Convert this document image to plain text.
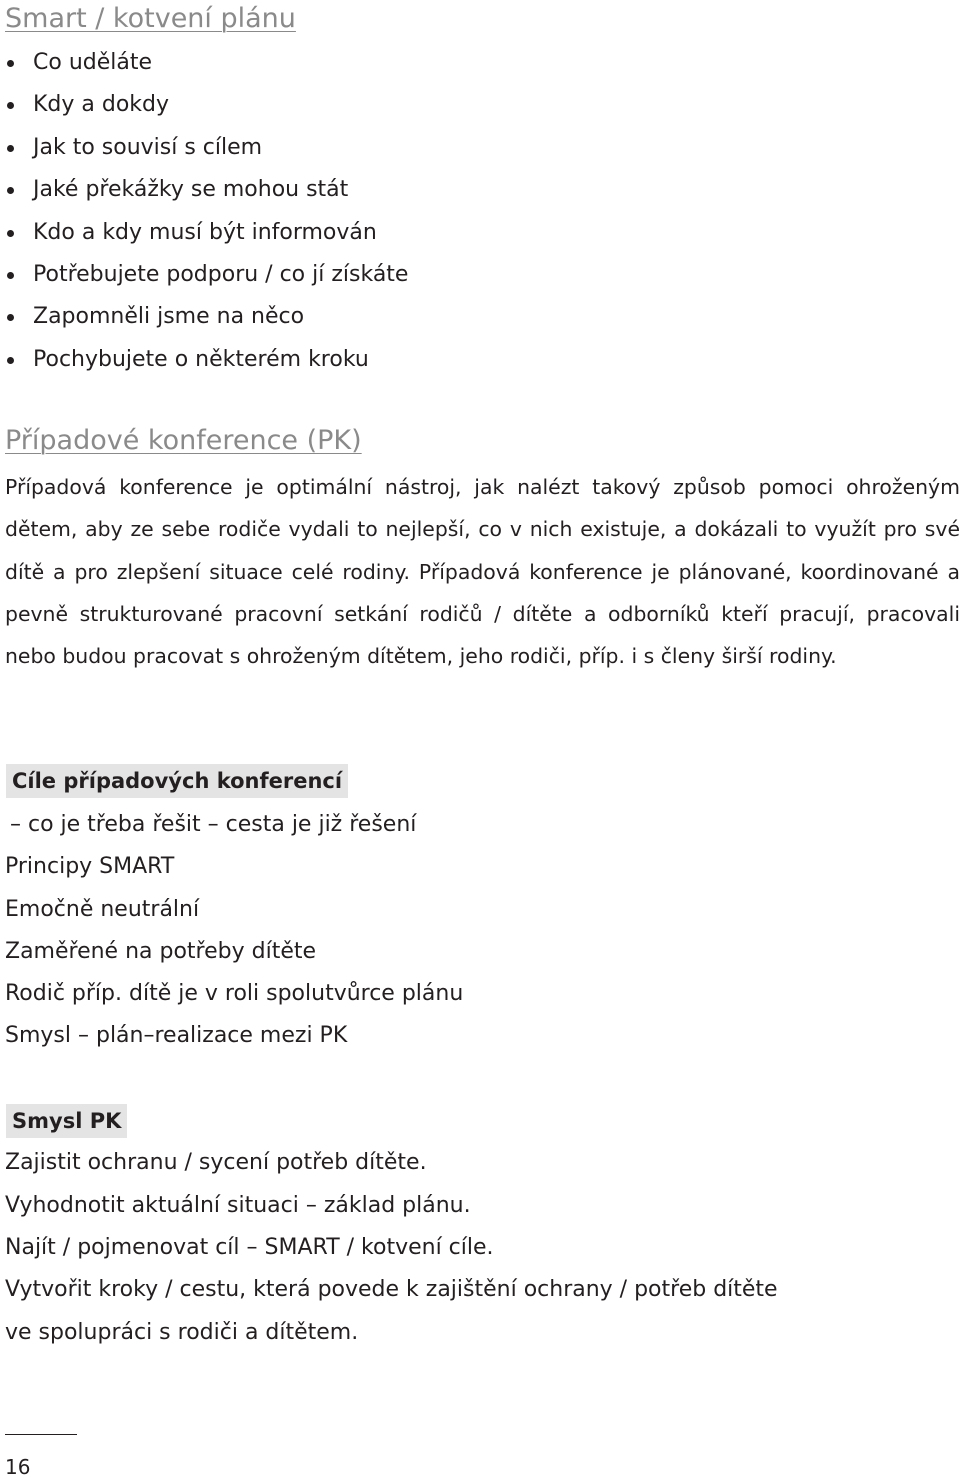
Smart / kotvení plánu
Co uděláte
Kdy a dokdy
Jak to souvisí s cílem
Jaké překážky se mohou stát
Kdo a kdy musí být informován
Potřebujete podporu / co jí získáte
Zapomněli jsme na něco
Pochybujete o některém kroku
Případové konference (PK)

Případová konference je optimální nástroj, jak nalézt takový způsob pomoci ohroženým dětem, aby ze sebe rodiče vydali to nejlepší, co v nich existuje, a dokázali to využít pro své dítě a pro zlepšení situace celé rodiny. Případová konference je plánované, koordinované a pevně strukturované pracovní setkání rodičů / dítěte a odborníků kteří pracují, pracovali nebo budou pracovat s ohroženým dítětem, jeho rodiči, příp. i s členy širší rodiny.

Cíle případových konferencí

– co je třeba řešit – cesta je již řešení

Principy SMART

Emočně neutrální

Zaměřené na potřeby dítěte

Rodič příp. dítě je v roli spolutvůrce plánu

Smysl – plán–realizace mezi PK

Smysl PK

Zajistit ochranu / sycení potřeb dítěte.

Vyhodnotit aktuální situaci – základ plánu.

Najít / pojmenovat cíl – SMART / kotvení cíle.

Vytvořit kroky / cestu, která povede k zajištění ochrany / potřeb dítěte

ve spolupráci s rodiči a dítětem.

16
